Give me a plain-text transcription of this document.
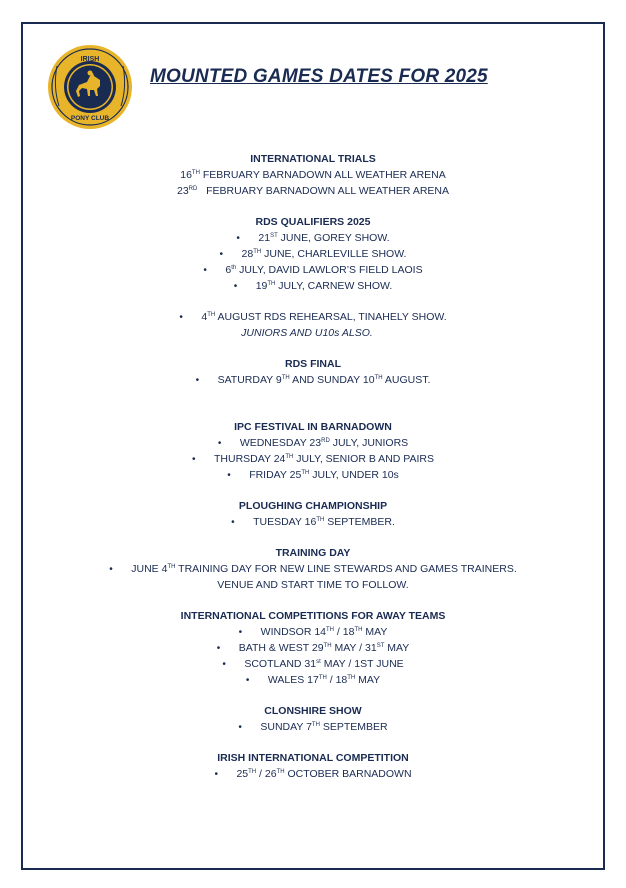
IRISH
PONY CLUB
MOUNTED GAMES DATES FOR 2025
INTERNATIONAL TRIALS
16TH FEBRUARY BARNADOWN ALL WEATHER ARENA
23RD   FEBRUARY BARNADOWN ALL WEATHER ARENA
RDS QUALIFIERS 2025
• 21ST JUNE, GOREY SHOW.
• 28TH JUNE, CHARLEVILLE SHOW.
• 6th JULY, DAVID LAWLOR’S FIELD LAOIS
• 19TH JULY, CARNEW SHOW.
• 4TH AUGUST RDS REHEARSAL, TINAHELY SHOW.
JUNIORS AND U10s ALSO.
RDS FINAL
• SATURDAY 9TH AND SUNDAY 10TH AUGUST.
IPC FESTIVAL IN BARNADOWN
• WEDNESDAY 23RD JULY, JUNIORS
• THURSDAY 24TH JULY, SENIOR B AND PAIRS
• FRIDAY 25TH JULY, UNDER 10s
PLOUGHING CHAMPIONSHIP
• TUESDAY 16TH SEPTEMBER.
TRAINING DAY
• JUNE 4TH TRAINING DAY FOR NEW LINE STEWARDS AND GAMES TRAINERS.
VENUE AND START TIME TO FOLLOW.
INTERNATIONAL COMPETITIONS FOR AWAY TEAMS
• WINDSOR 14TH / 18TH MAY
• BATH & WEST 29TH MAY / 31ST MAY
• SCOTLAND 31st MAY / 1ST JUNE
• WALES 17TH / 18TH MAY
CLONSHIRE SHOW
• SUNDAY 7TH SEPTEMBER
IRISH INTERNATIONAL COMPETITION
• 25TH / 26TH OCTOBER BARNADOWN
